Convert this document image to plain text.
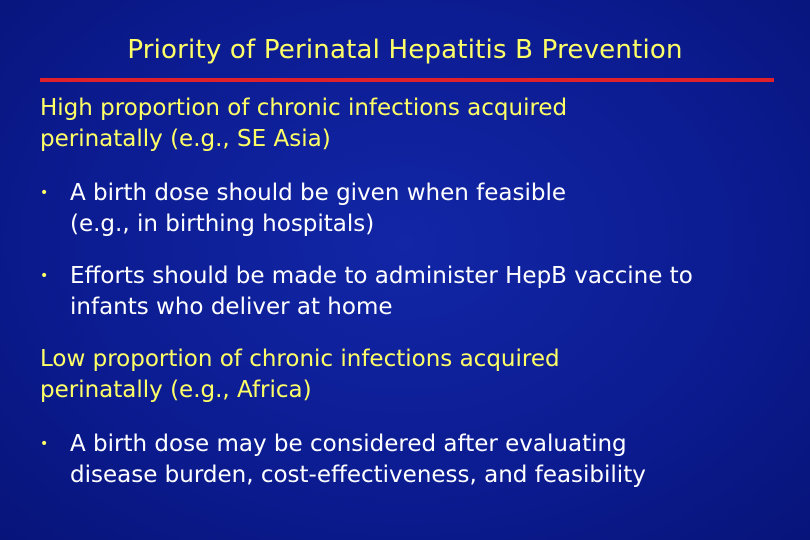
Priority of Perinatal Hepatitis B Prevention
High proportion of chronic infections acquired
perinatally (e.g., SE Asia)
• A birth dose should be given when feasible
(e.g., in birthing hospitals)
• Efforts should be made to administer HepB vaccine to
infants who deliver at home
Low proportion of chronic infections acquired
perinatally (e.g., Africa)
• A birth dose may be considered after evaluating
disease burden, cost-effectiveness, and feasibility
